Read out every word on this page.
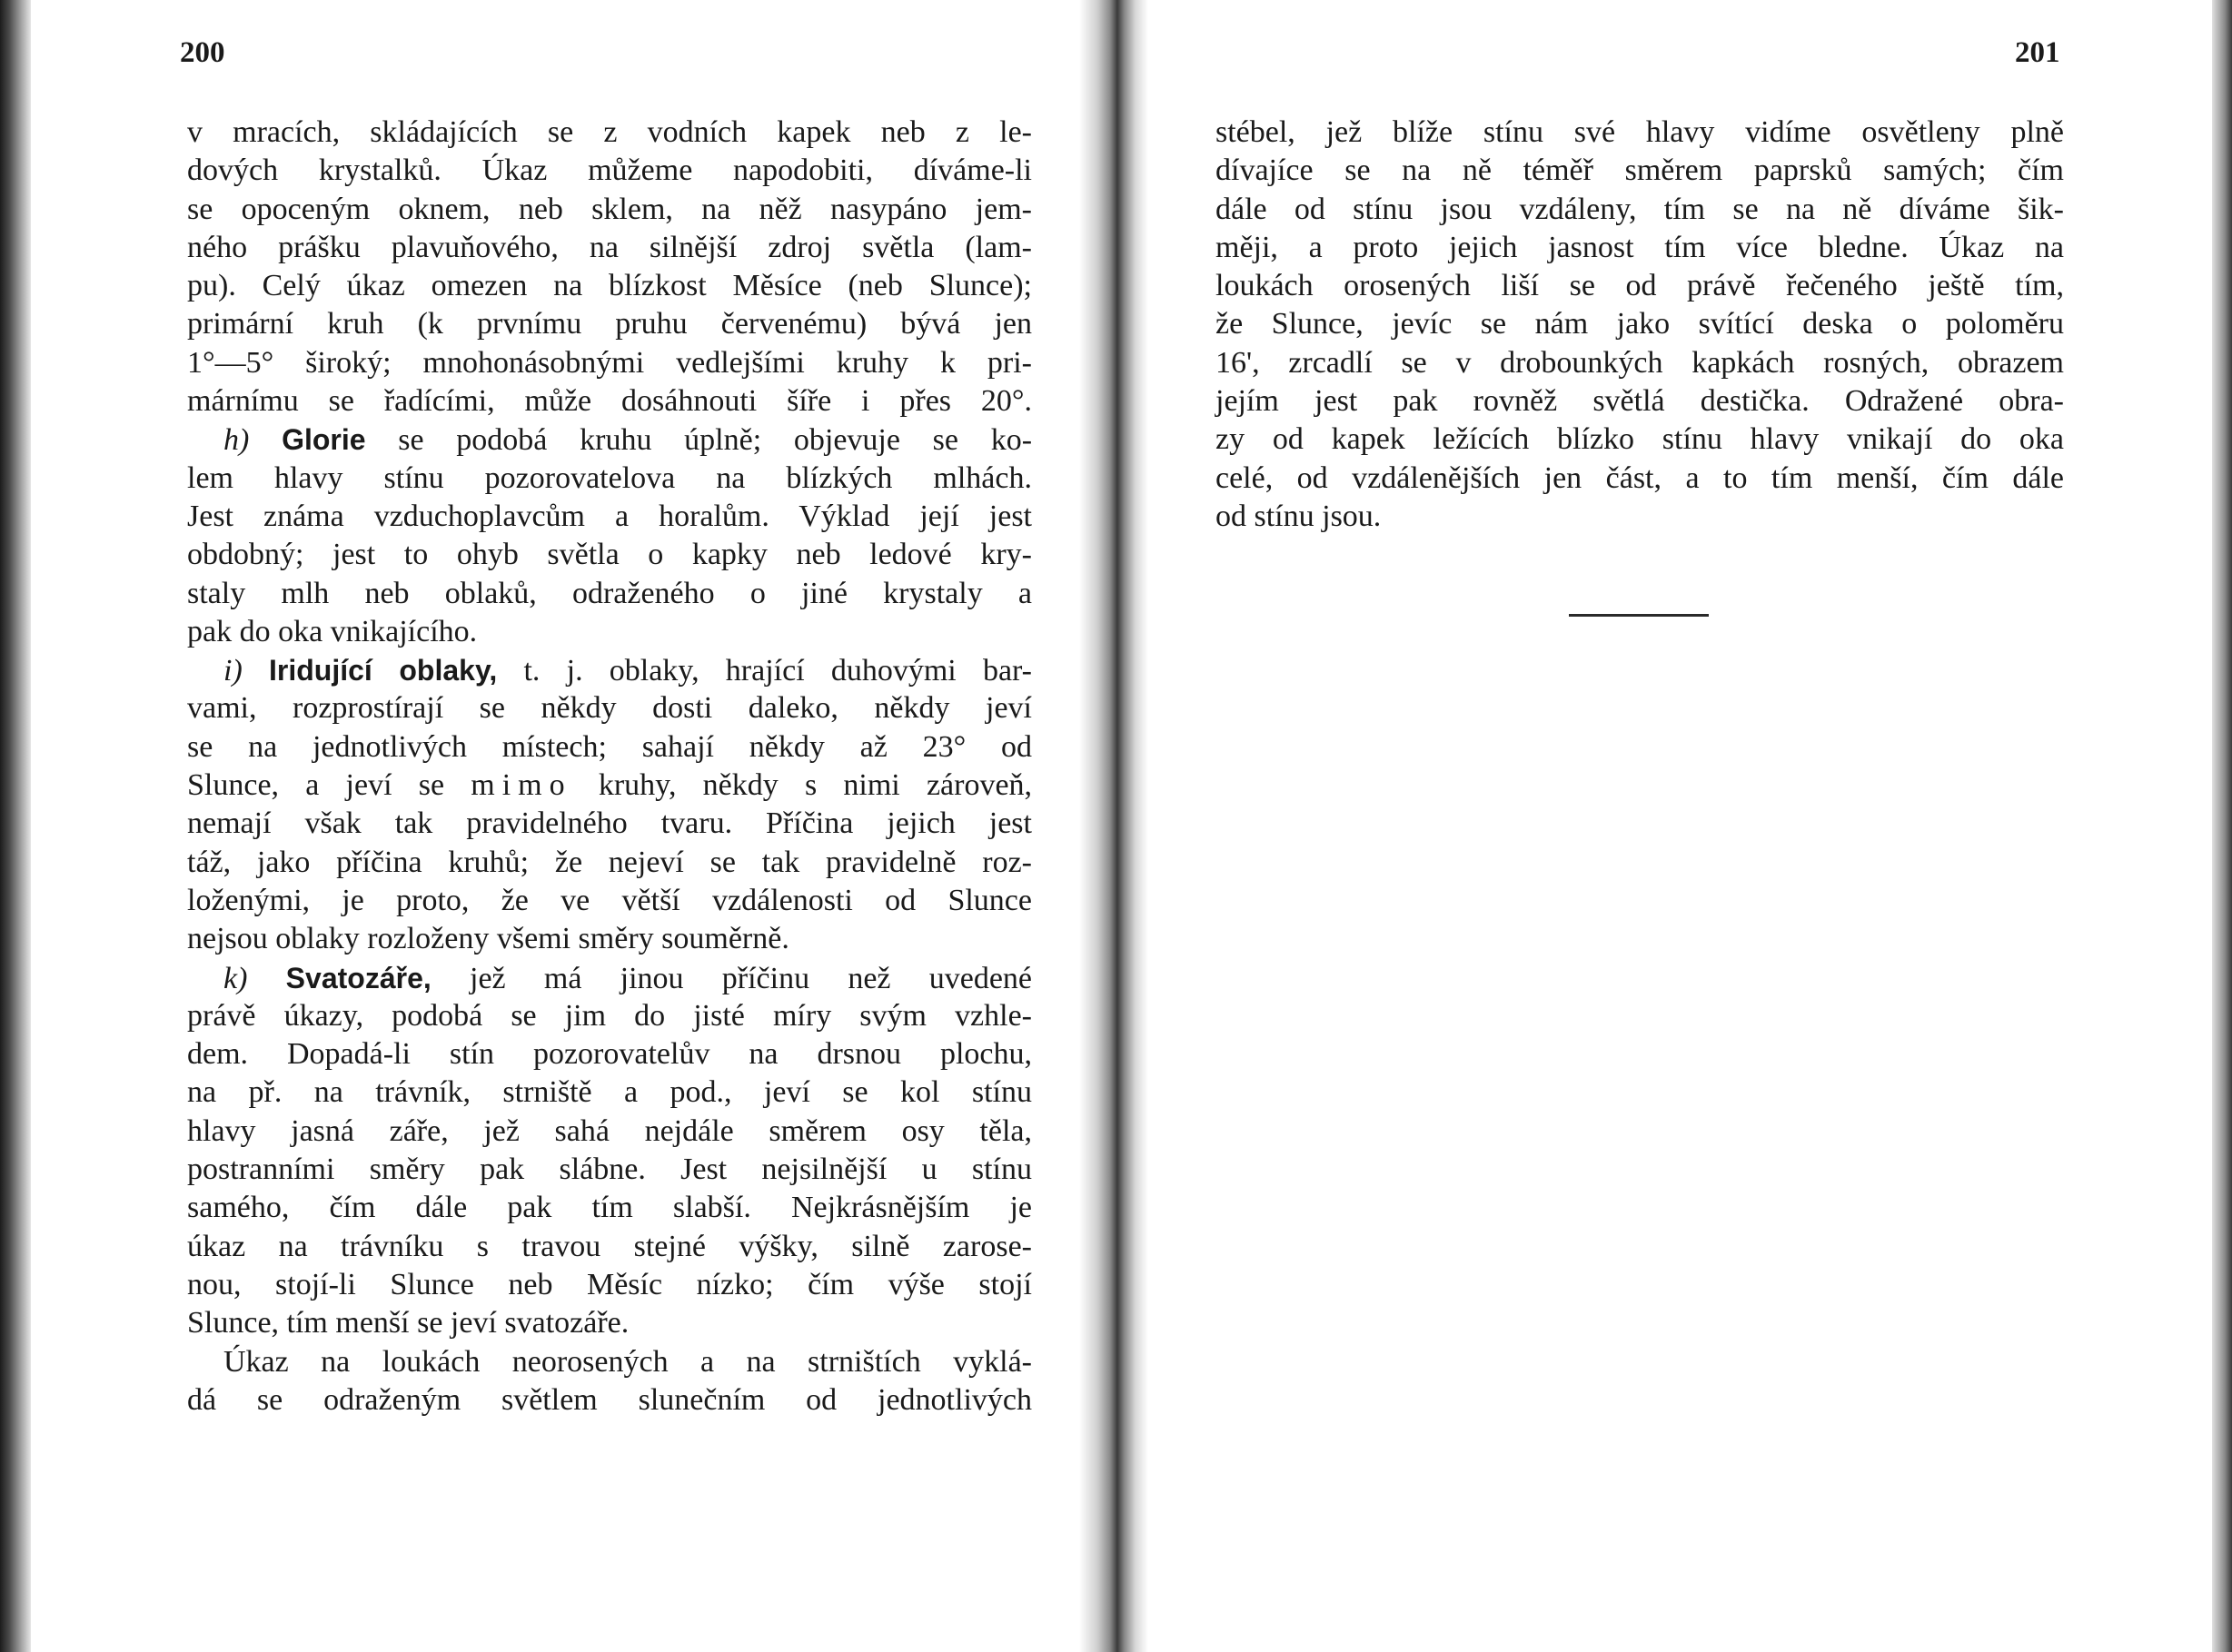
200
v mracích, skládajících se z vodních kapek neb z le-
dových krystalků. Úkaz můžeme napodobiti, díváme-li
se opoceným oknem, neb sklem, na něž nasypáno jem-
ného prášku plavuňového, na silnější zdroj světla (lam-
pu). Celý úkaz omezen na blízkost Měsíce (neb Slunce);
primární kruh (k prvnímu pruhu červenému) bývá jen
1°—5° široký; mnohonásobnými vedlejšími kruhy k pri-
márnímu se řadícími, může dosáhnouti šíře i přes 20°.
h) Glorie se podobá kruhu úplně; objevuje se ko-
lem hlavy stínu pozorovatelova na blízkých mlhách.
Jest známa vzduchoplavcům a horalům. Výklad její jest
obdobný; jest to ohyb světla o kapky neb ledové kry-
staly mlh neb oblaků, odraženého o jiné krystaly a
pak do oka vnikajícího.
i) Iridující oblaky, t. j. oblaky, hrající duhovými bar-
vami, rozprostírají se někdy dosti daleko, někdy jeví
se na jednotlivých místech; sahají někdy až 23° od
Slunce, a jeví se mimo kruhy, někdy s nimi zároveň,
nemají však tak pravidelného tvaru. Příčina jejich jest
táž, jako příčina kruhů; že nejeví se tak pravidelně roz-
loženými, je proto, že ve větší vzdálenosti od Slunce
nejsou oblaky rozloženy všemi směry souměrně.
k) Svatozáře, jež má jinou příčinu než uvedené
právě úkazy, podobá se jim do jisté míry svým vzhle-
dem. Dopadá-li stín pozorovatelův na drsnou plochu,
na př. na trávník, strniště a pod., jeví se kol stínu
hlavy jasná záře, jež sahá nejdále směrem osy těla,
postranními směry pak slábne. Jest nejsilnější u stínu
samého, čím dále pak tím slabší. Nejkrásnějším je
úkaz na trávníku s travou stejné výšky, silně zarose-
nou, stojí-li Slunce neb Měsíc nízko; čím výše stojí
Slunce, tím menší se jeví svatozáře.
Úkaz na loukách neorosených a na strništích vyklá-
dá se odraženým světlem slunečním od jednotlivých
201
stébel, jež blíže stínu své hlavy vidíme osvětleny plně
dívajíce se na ně téměř směrem paprsků samých; čím
dále od stínu jsou vzdáleny, tím se na ně díváme šik-
měji, a proto jejich jasnost tím více bledne. Úkaz na
loukách orosených liší se od právě řečeného ještě tím,
že Slunce, jevíc se nám jako svítící deska o poloměru
16', zrcadlí se v drobounkých kapkách rosných, obrazem
jejím jest pak rovněž světlá destička. Odražené obra-
zy od kapek ležících blízko stínu hlavy vnikají do oka
celé, od vzdálenějších jen část, a to tím menší, čím dále
od stínu jsou.
